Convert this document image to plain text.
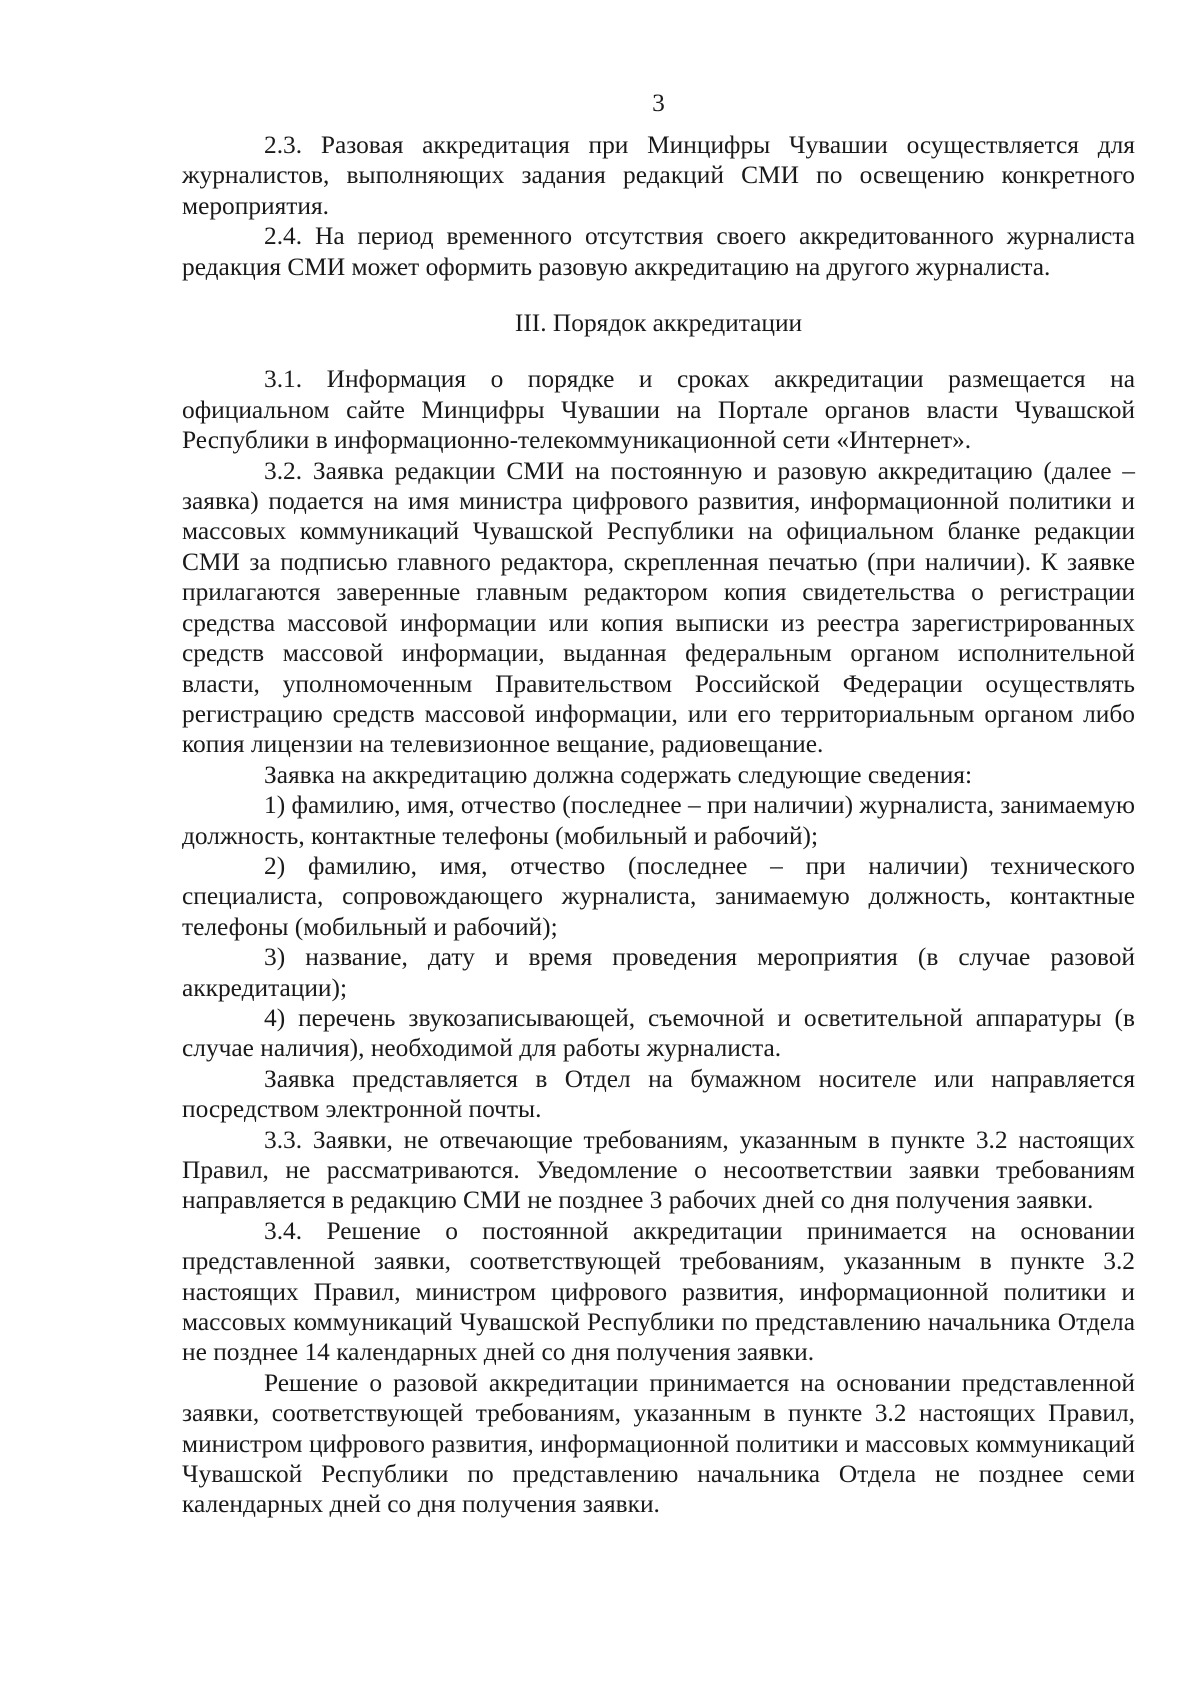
3

2.3. Разовая аккредитация при Минцифры Чувашии осуществляется для журналистов, выполняющих задания редакций СМИ по освещению конкретного мероприятия.

2.4. На период временного отсутствия своего аккредитованного журналиста редакция СМИ может оформить разовую аккредитацию на другого журналиста.

III. Порядок аккредитации

3.1. Информация о порядке и сроках аккредитации размещается на официальном сайте Минцифры Чувашии на Портале органов власти Чувашской Республики в информационно-телекоммуникационной сети «Интернет».

3.2. Заявка редакции СМИ на постоянную и разовую аккредитацию (далее – заявка) подается на имя министра цифрового развития, информационной политики и массовых коммуникаций Чувашской Республики на официальном бланке редакции СМИ за подписью главного редактора, скрепленная печатью (при наличии). К заявке прилагаются заверенные главным редактором копия свидетельства о регистрации средства массовой информации или копия выписки из реестра зарегистрированных средств массовой информации, выданная федеральным органом исполнительной власти, уполномоченным Правительством Российской Федерации осуществлять регистрацию средств массовой информации, или его территориальным органом либо копия лицензии на телевизионное вещание, радиовещание.

Заявка на аккредитацию должна содержать следующие сведения:

1) фамилию, имя, отчество (последнее – при наличии) журналиста, занимаемую должность, контактные телефоны (мобильный и рабочий);

2) фамилию, имя, отчество (последнее – при наличии) технического специалиста, сопровождающего журналиста, занимаемую должность, контактные телефоны (мобильный и рабочий);

3) название, дату и время проведения мероприятия (в случае разовой аккредитации);

4) перечень звукозаписывающей, съемочной и осветительной аппаратуры (в случае наличия), необходимой для работы журналиста.

Заявка представляется в Отдел на бумажном носителе или направляется посредством электронной почты.

3.3. Заявки, не отвечающие требованиям, указанным в пункте 3.2 настоящих Правил, не рассматриваются. Уведомление о несоответствии заявки требованиям направляется в редакцию СМИ не позднее 3 рабочих дней со дня получения заявки.

3.4. Решение о постоянной аккредитации принимается на основании представленной заявки, соответствующей требованиям, указанным в пункте 3.2 настоящих Правил, министром цифрового развития, информационной политики и массовых коммуникаций Чувашской Республики по представлению начальника Отдела не позднее 14 календарных дней со дня получения заявки.

Решение о разовой аккредитации принимается на основании представленной заявки, соответствующей требованиям, указанным в пункте 3.2 настоящих Правил, министром цифрового развития, информационной политики и массовых коммуникаций Чувашской Республики по представлению начальника Отдела не позднее семи календарных дней со дня получения заявки.
